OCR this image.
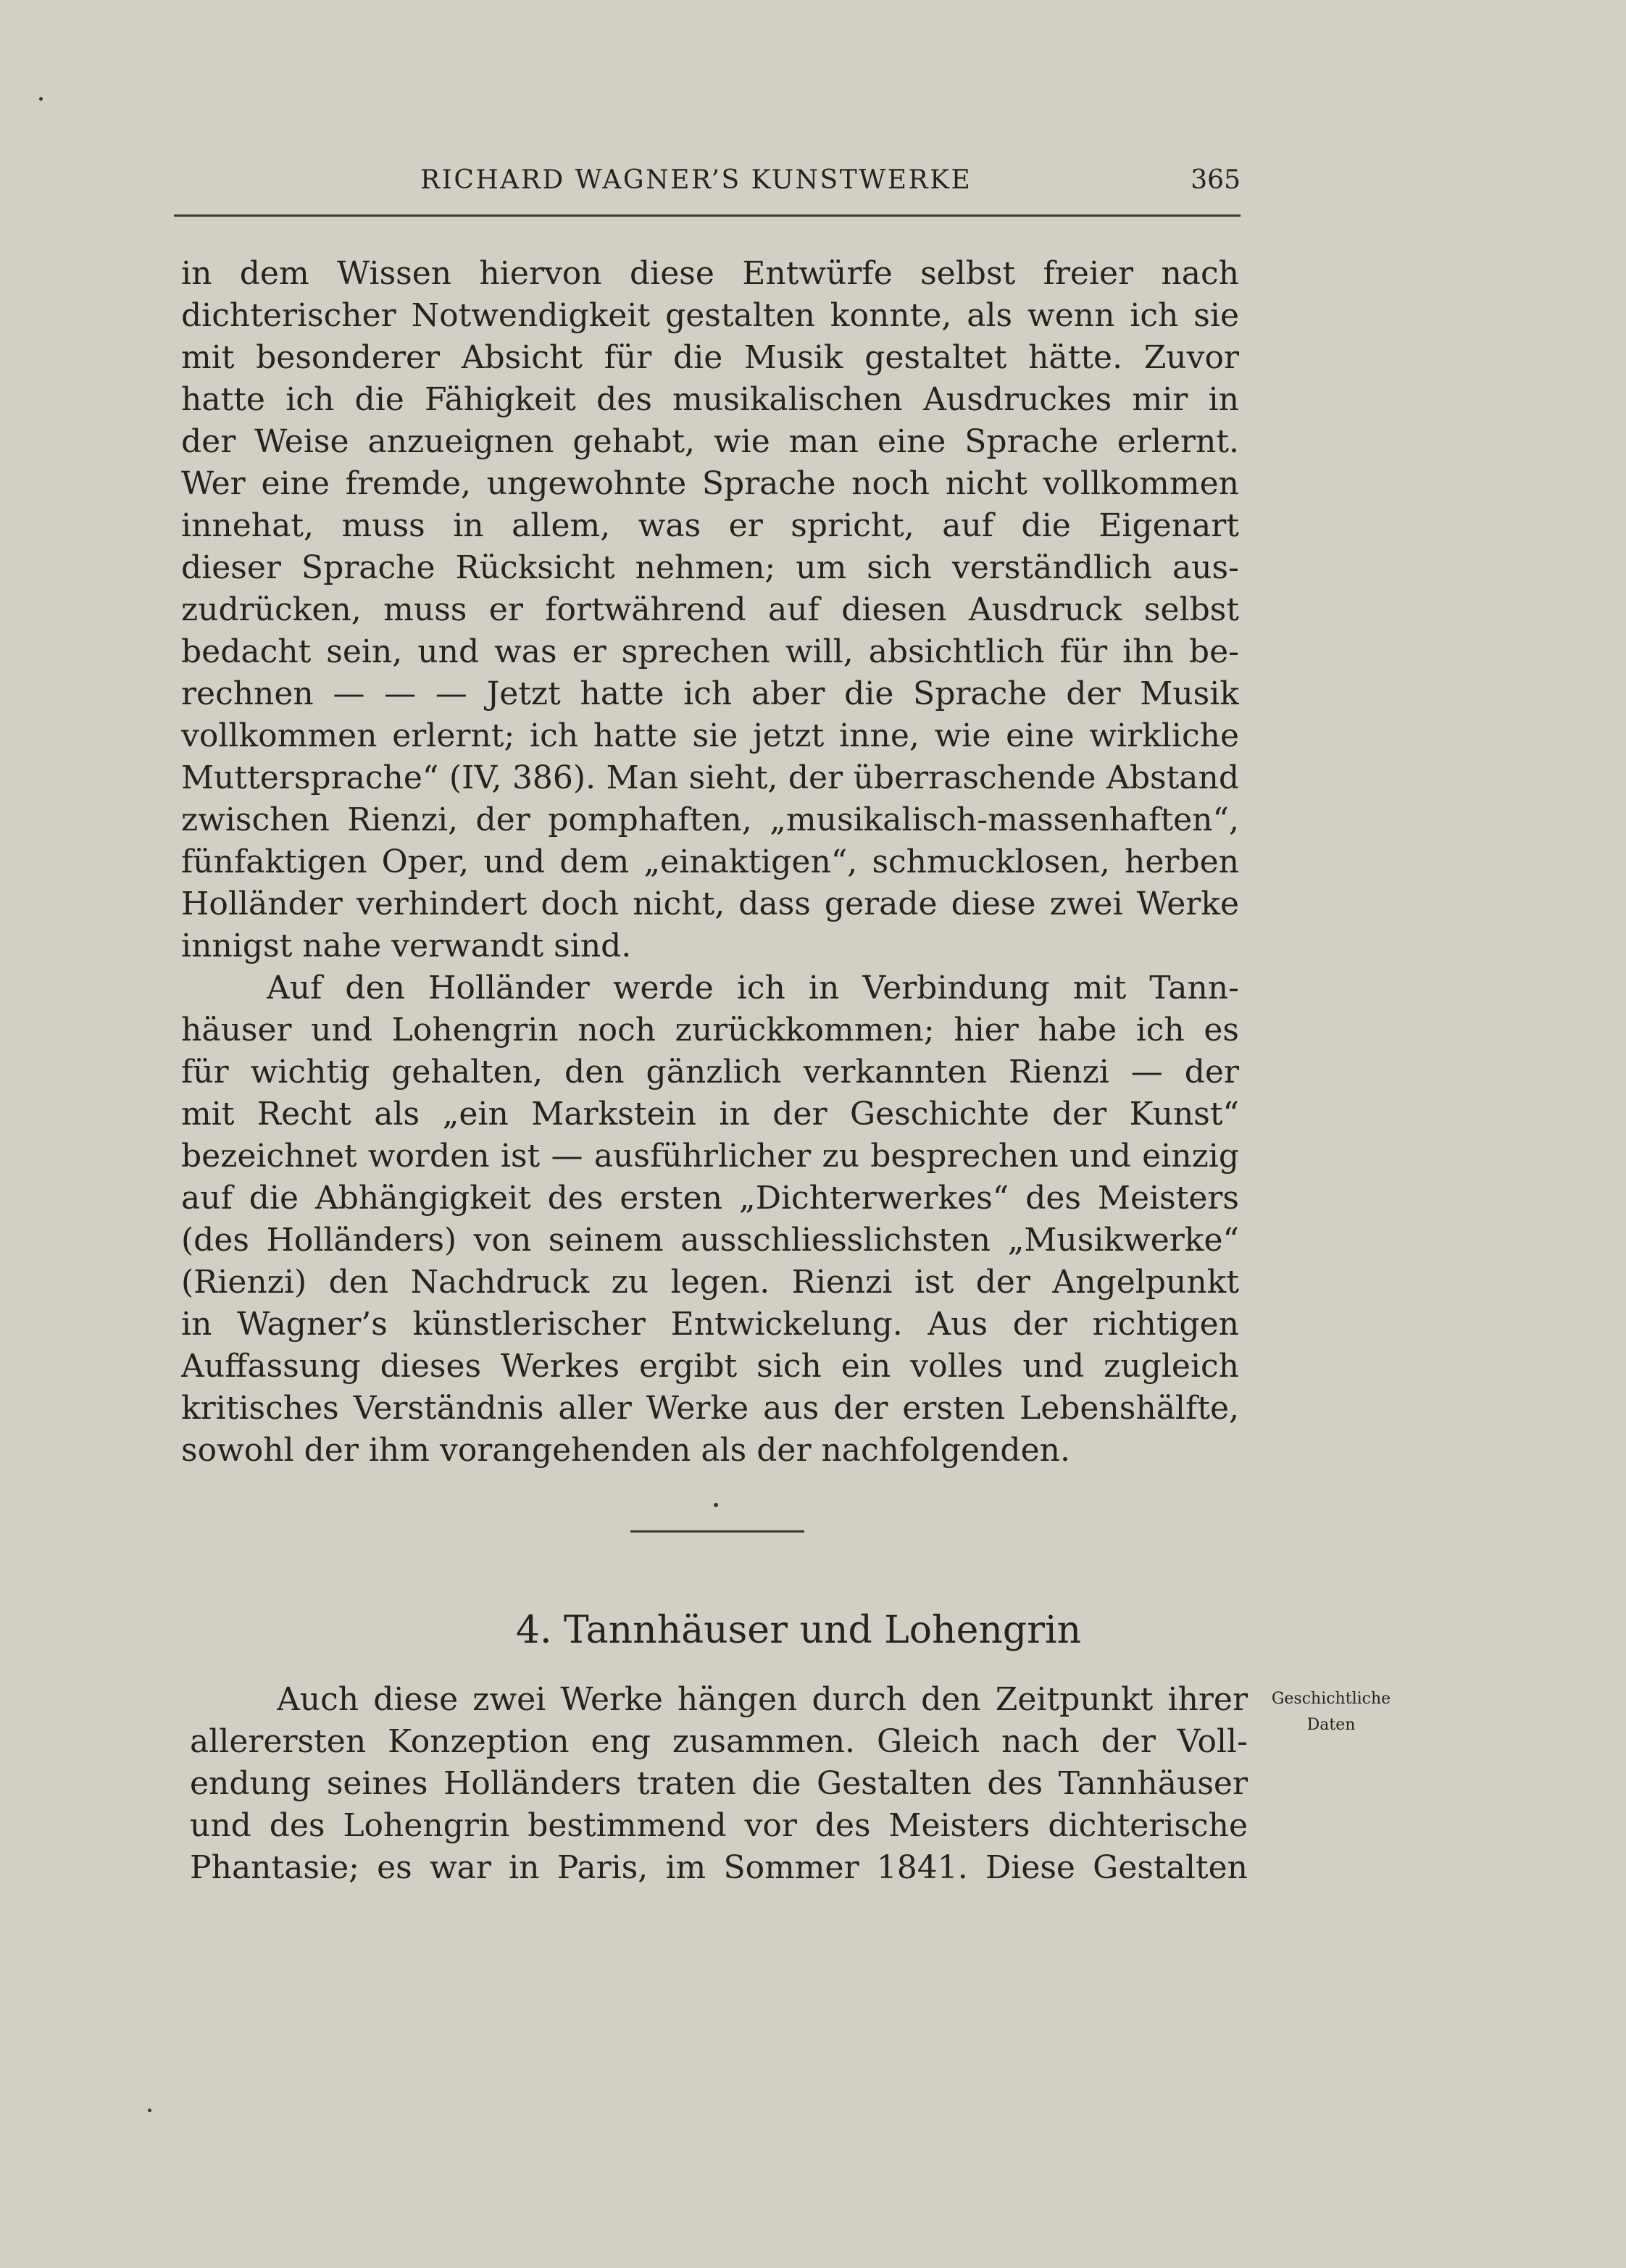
RICHARD WAGNER’S KUNSTWERKE	365
in dem Wissen hiervon diese Entwürfe selbst freier nach
dichterischer Notwendigkeit gestalten konnte, als wenn ich sie
mit besonderer Absicht für die Musik gestaltet hätte. Zuvor
hatte ich die Fähigkeit des musikalischen Ausdruckes mir in
der Weise anzueignen gehabt, wie man eine Sprache erlernt.
Wer eine fremde, ungewohnte Sprache noch nicht vollkommen
innehat, muss in allem, was er spricht, auf die Eigenart
dieser Sprache Rücksicht nehmen; um sich verständlich aus-
zudrücken, muss er fortwährend auf diesen Ausdruck selbst
bedacht sein, und was er sprechen will, absichtlich für ihn be-
rechnen — — — Jetzt hatte ich aber die Sprache der Musik
vollkommen erlernt; ich hatte sie jetzt inne, wie eine wirkliche
Muttersprache“ (IV, 386). Man sieht, der überraschende Abstand
zwischen Rienzi, der pomphaften, „musikalisch-massenhaften“,
fünfaktigen Oper, und dem „einaktigen“, schmucklosen, herben
Holländer verhindert doch nicht, dass gerade diese zwei Werke
innigst nahe verwandt sind.
Auf den Holländer werde ich in Verbindung mit Tann-
häuser und Lohengrin noch zurückkommen; hier habe ich es
für wichtig gehalten, den gänzlich verkannten Rienzi — der
mit Recht als „ein Markstein in der Geschichte der Kunst“
bezeichnet worden ist — ausführlicher zu besprechen und einzig
auf die Abhängigkeit des ersten „Dichterwerkes“ des Meisters
(des Holländers) von seinem ausschliesslichsten „Musikwerke“
(Rienzi) den Nachdruck zu legen. Rienzi ist der Angelpunkt
in Wagner’s künstlerischer Entwickelung. Aus der richtigen
Auffassung dieses Werkes ergibt sich ein volles und zugleich
kritisches Verständnis aller Werke aus der ersten Lebenshälfte,
sowohl der ihm vorangehenden als der nachfolgenden.
4. Tannhäuser und Lohengrin
Geschichtliche
Daten
Auch diese zwei Werke hängen durch den Zeitpunkt ihrer
allerersten Konzeption eng zusammen. Gleich nach der Voll-
endung seines Holländers traten die Gestalten des Tannhäuser
und des Lohengrin bestimmend vor des Meisters dichterische
Phantasie; es war in Paris, im Sommer 1841. Diese Gestalten
